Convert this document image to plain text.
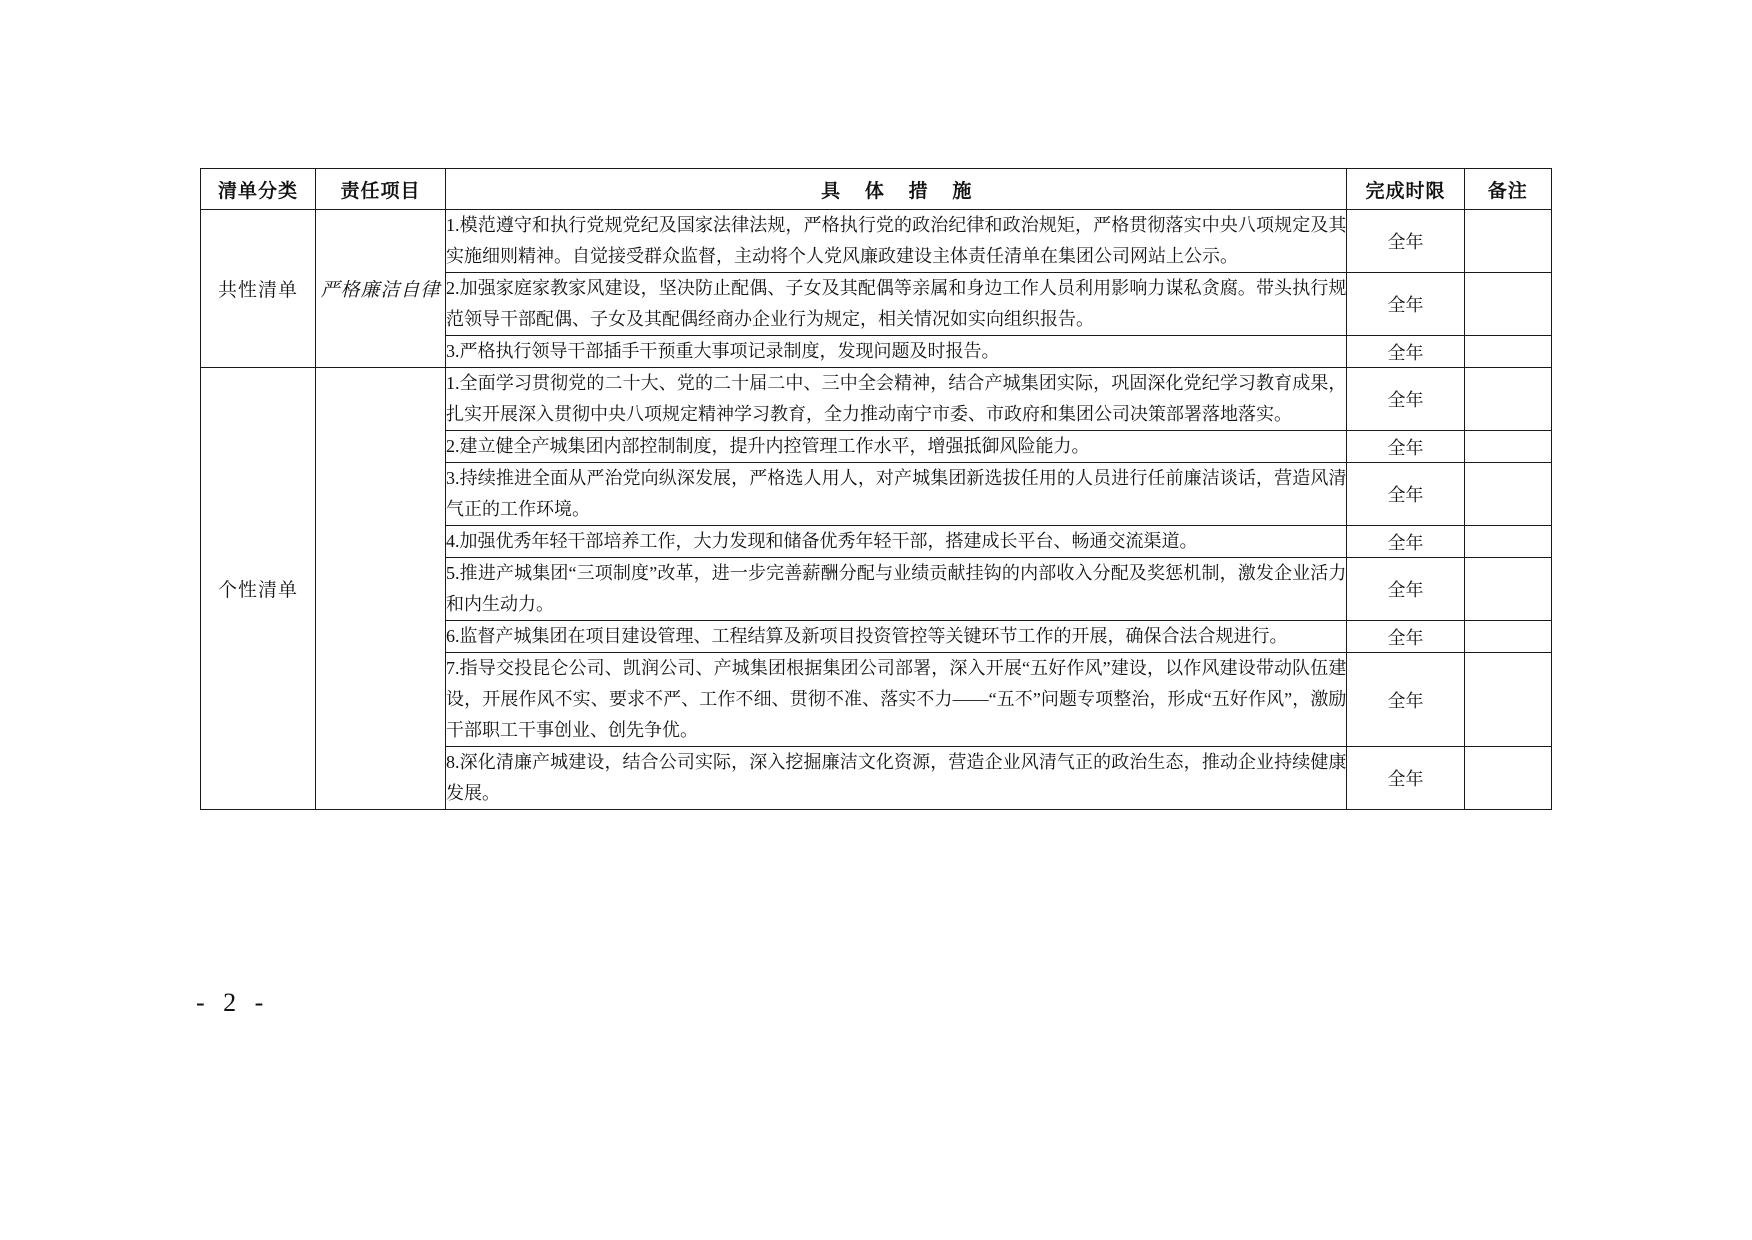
清单分类	责任项目	具 体 措 施	完成时限	备注
共性清单	严格廉洁自律	1.模范遵守和执行党规党纪及国家法律法规，严格执行党的政治纪律和政治规矩，严格贯彻落实中央八项规定及其实施细则精神。自觉接受群众监督，主动将个人党风廉政建设主体责任清单在集团公司网站上公示。	全年	
		2.加强家庭家教家风建设，坚决防止配偶、子女及其配偶等亲属和身边工作人员利用影响力谋私贪腐。带头执行规范领导干部配偶、子女及其配偶经商办企业行为规定，相关情况如实向组织报告。	全年	
		3.严格执行领导干部插手干预重大事项记录制度，发现问题及时报告。	全年	
个性清单		1.全面学习贯彻党的二十大、党的二十届二中、三中全会精神，结合产城集团实际，巩固深化党纪学习教育成果，扎实开展深入贯彻中央八项规定精神学习教育，全力推动南宁市委、市政府和集团公司决策部署落地落实。	全年	
		2.建立健全产城集团内部控制制度，提升内控管理工作水平，增强抵御风险能力。	全年	
		3.持续推进全面从严治党向纵深发展，严格选人用人，对产城集团新选拔任用的人员进行任前廉洁谈话，营造风清气正的工作环境。	全年	
		4.加强优秀年轻干部培养工作，大力发现和储备优秀年轻干部，搭建成长平台、畅通交流渠道。	全年	
		5.推进产城集团“三项制度”改革，进一步完善薪酬分配与业绩贡献挂钩的内部收入分配及奖惩机制，激发企业活力和内生动力。	全年	
		6.监督产城集团在项目建设管理、工程结算及新项目投资管控等关键环节工作的开展，确保合法合规进行。	全年	
		7.指导交投昆仑公司、凯润公司、产城集团根据集团公司部署，深入开展“五好作风”建设，以作风建设带动队伍建设，开展作风不实、要求不严、工作不细、贯彻不准、落实不力——“五不”问题专项整治，形成“五好作风”，激励干部职工干事创业、创先争优。	全年	
		8.深化清廉产城建设，结合公司实际，深入挖掘廉洁文化资源，营造企业风清气正的政治生态，推动企业持续健康发展。	全年	
- 2 -
